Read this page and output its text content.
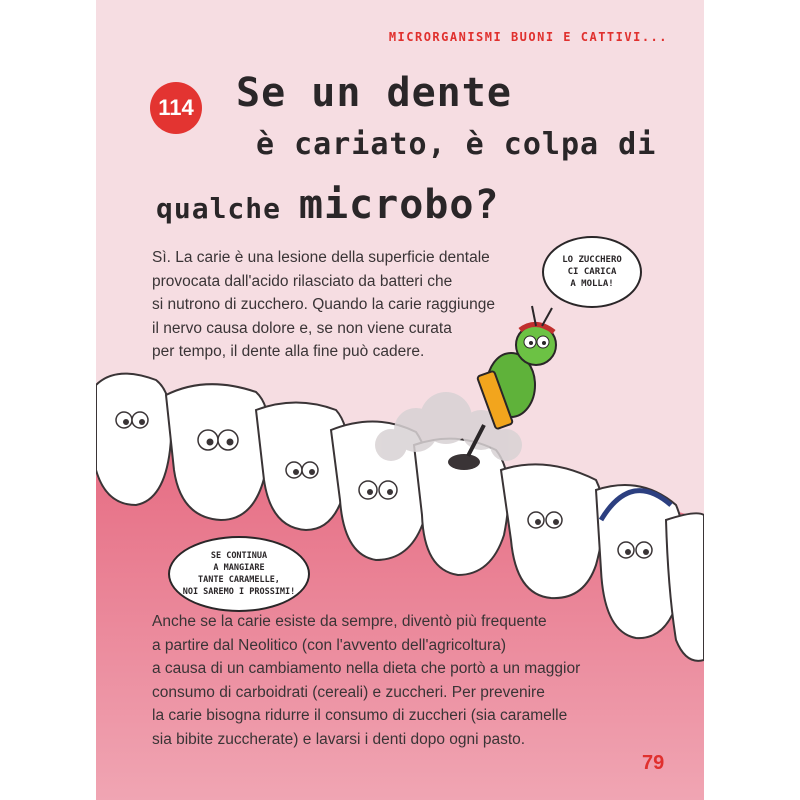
MICRORGANISMI BUONI E CATTIVI...
114 Se un dente
è cariato, è colpa di
qualche microbo?
Sì. La carie è una lesione della superficie dentale
provocata dall'acido rilasciato da batteri che
si nutrono di zucchero. Quando la carie raggiunge
il nervo causa dolore e, se non viene curata
per tempo, il dente alla fine può cadere.
LO ZUCCHERO
CI CARICA
A MOLLA!
SE CONTINUA
A MANGIARE
TANTE CARAMELLE,
NOI SAREMO I PROSSIMI!
Anche se la carie esiste da sempre, diventò più frequente
a partire dal Neolitico (con l'avvento dell'agricoltura)
a causa di un cambiamento nella dieta che portò a un maggior
consumo di carboidrati (cereali) e zuccheri. Per prevenire
la carie bisogna ridurre il consumo di zuccheri (sia caramelle
sia bibite zuccherate) e lavarsi i denti dopo ogni pasto.
79
